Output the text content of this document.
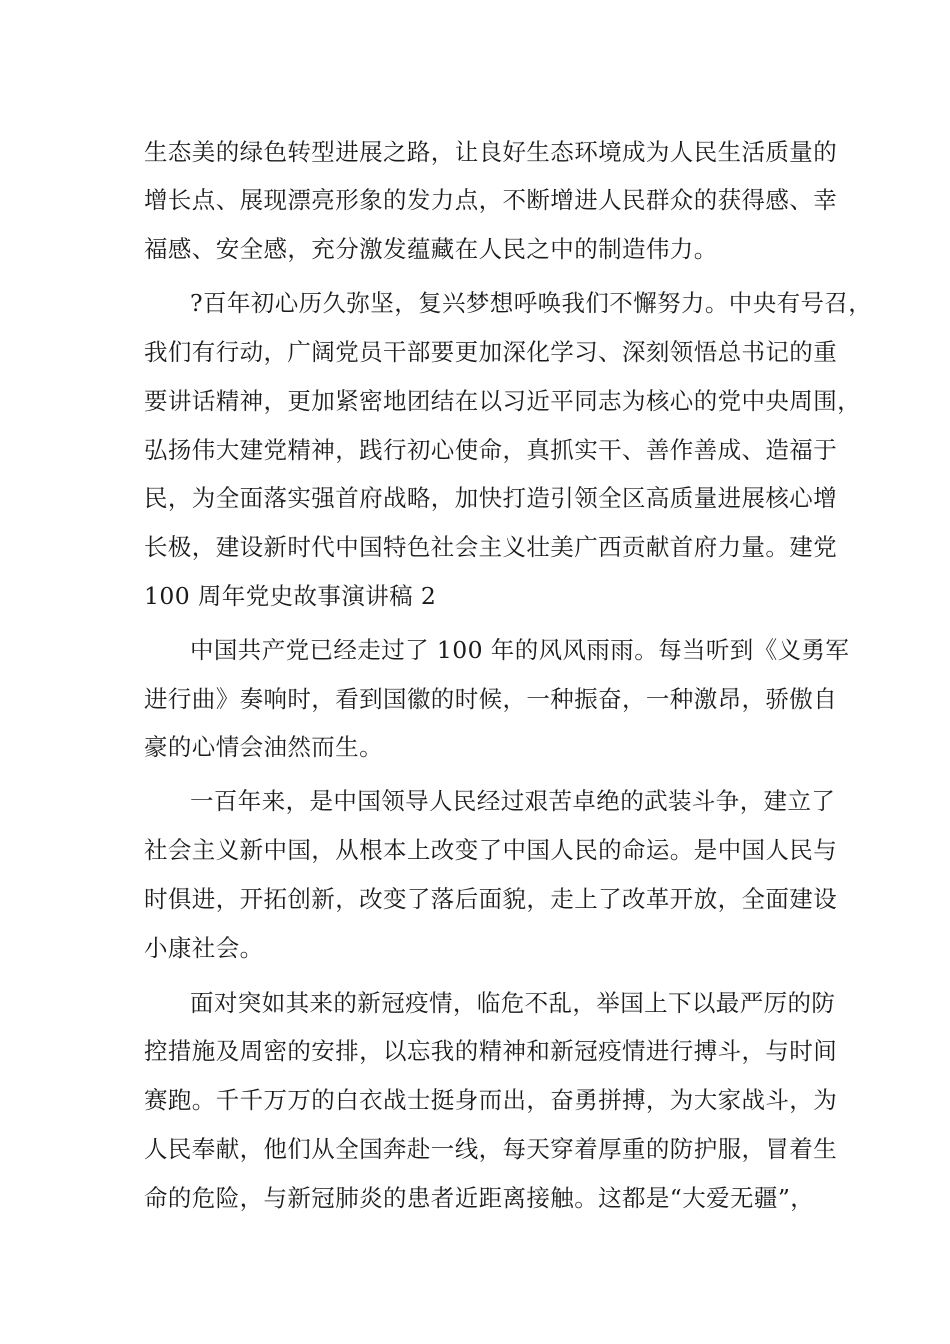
生态美的绿色转型进展之路，让良好生态环境成为人民生活质量的
增长点、展现漂亮形象的发力点，不断增进人民群众的获得感、幸
福感、安全感，充分激发蕴藏在人民之中的制造伟力。
?百年初心历久弥坚，复兴梦想呼唤我们不懈努力。中央有号召，
我们有行动，广阔党员干部要更加深化学习、深刻领悟总书记的重
要讲话精神，更加紧密地团结在以习近平同志为核心的党中央周围，
弘扬伟大建党精神，践行初心使命，真抓实干、善作善成、造福于
民，为全面落实强首府战略，加快打造引领全区高质量进展核心增
长极，建设新时代中国特色社会主义壮美广西贡献首府力量。建党
100 周年党史故事演讲稿 2
中国共产党已经走过了 100 年的风风雨雨。每当听到《义勇军
进行曲》奏响时，看到国徽的时候，一种振奋，一种激昂，骄傲自
豪的心情会油然而生。
一百年来，是中国领导人民经过艰苦卓绝的武装斗争，建立了
社会主义新中国，从根本上改变了中国人民的命运。是中国人民与
时俱进，开拓创新，改变了落后面貌，走上了改革开放，全面建设
小康社会。
面对突如其来的新冠疫情，临危不乱，举国上下以最严厉的防
控措施及周密的安排，以忘我的精神和新冠疫情进行搏斗，与时间
赛跑。千千万万的白衣战士挺身而出，奋勇拼搏，为大家战斗，为
人民奉献，他们从全国奔赴一线，每天穿着厚重的防护服，冒着生
命的危险，与新冠肺炎的患者近距离接触。这都是“大爱无疆”，
